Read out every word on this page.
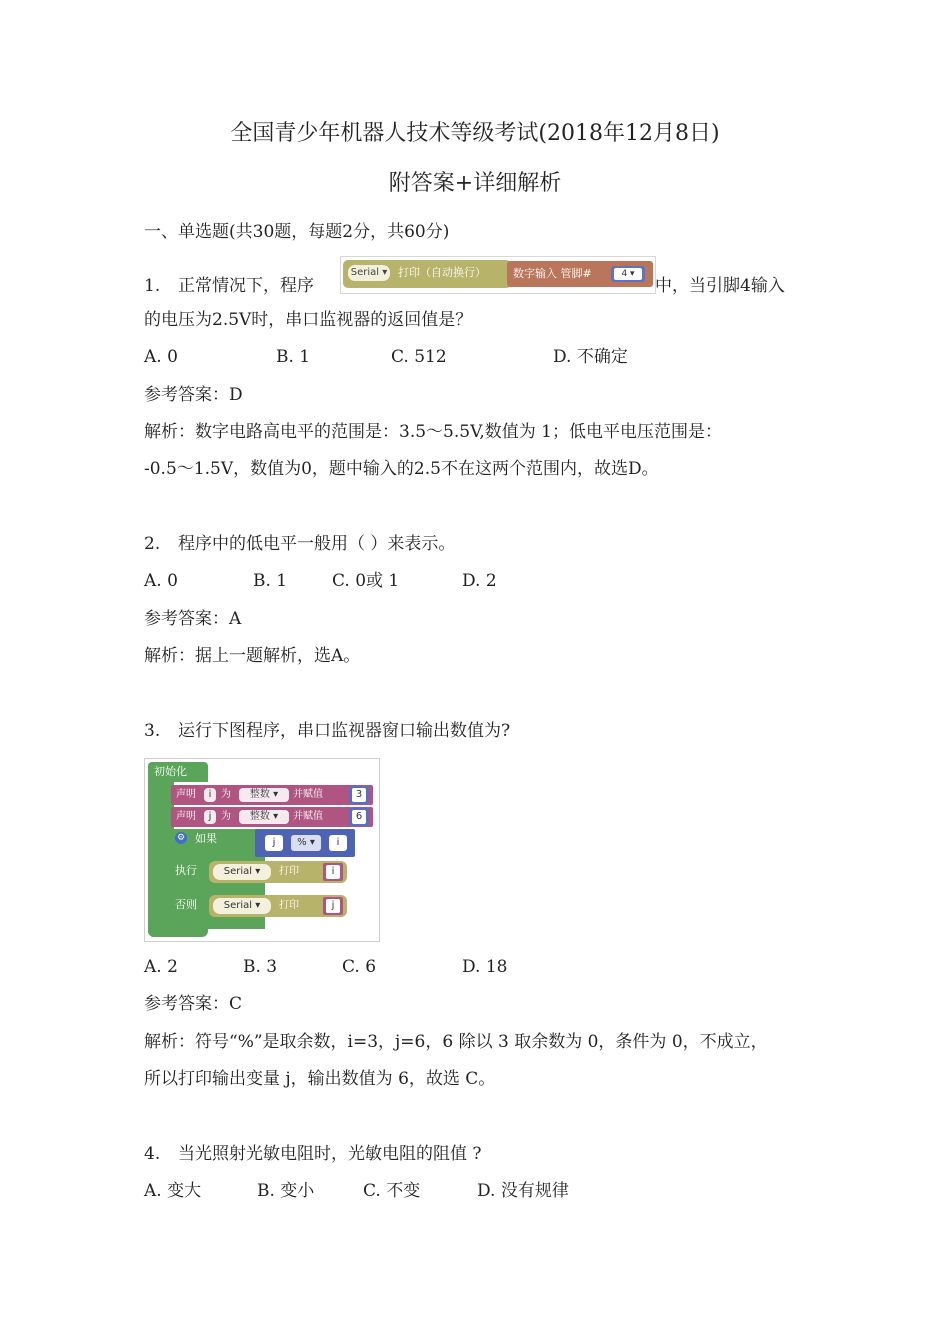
全国青少年机器人技术等级考试(2018年12月8日)
附答案+详细解析
一、单选题(共30题，每题2分，共60分)
1. 正常情况下，程序
Serial ▾ 打印（自动换行） 数字输入 管脚#	4 ▾
中，当引脚4输入
的电压为2.5V时，串口监视器的返回值是？
A. 0	B. 1	C. 512	D. 不确定
参考答案：D
解析：数字电路高电平的范围是：3.5～5.5V,数值为 1；低电平电压范围是：
-0.5～1.5V，数值为0，题中输入的2.5不在这两个范围内，故选D。
2. 程序中的低电平一般用（ ）来表示。
A. 0	B. 1	C. 0或 1	D. 2
参考答案：A
解析：据上一题解析，选A。
3. 运行下图程序，串口监视器窗口输出数值为?
初始化
声明	i 为	整数 ▾	并赋值	3
声明	j 为	整数 ▾	并赋值	6
⚙ 如果	j	% ▾	i
执行	Serial ▾	打印	i
否则	Serial ▾	打印	j
A. 2	B. 3	C. 6	D. 18
参考答案：C
解析：符号“%”是取余数，i=3，j=6，6 除以 3 取余数为 0，条件为 0，不成立，
所以打印输出变量 j，输出数值为 6，故选 C。
4. 当光照射光敏电阻时，光敏电阻的阻值 ?
A. 变大	B. 变小	C. 不变	D. 没有规律
